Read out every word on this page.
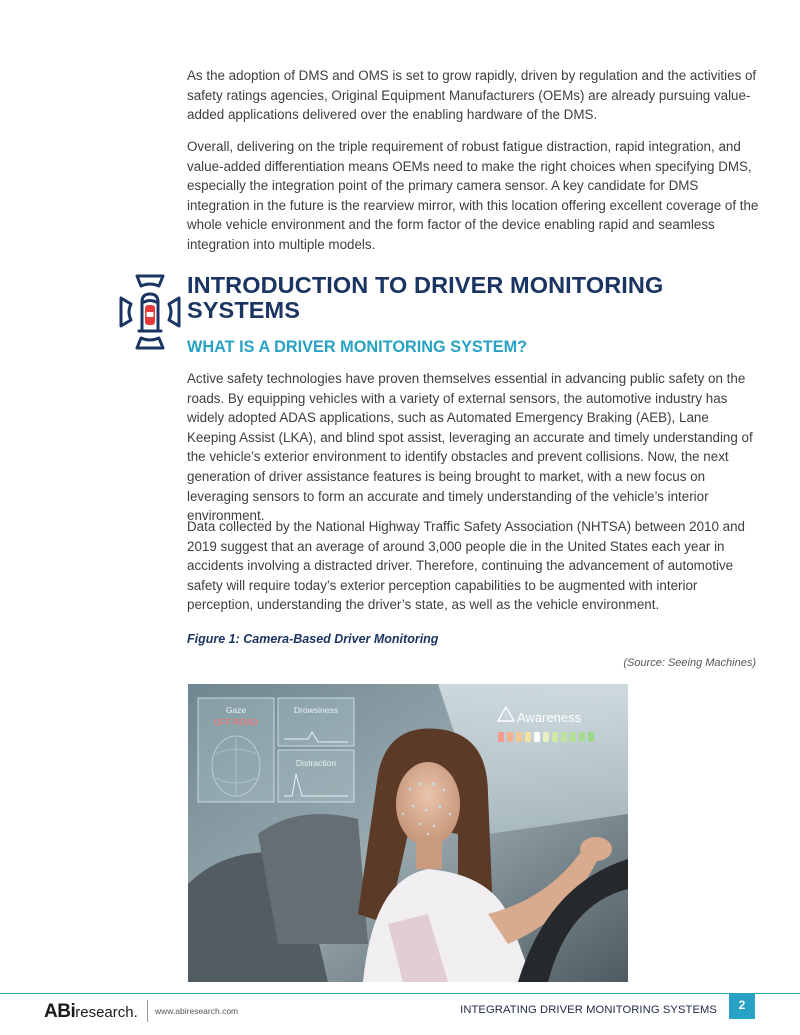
As the adoption of DMS and OMS is set to grow rapidly, driven by regulation and the activities of safety ratings agencies, Original Equipment Manufacturers (OEMs) are already pursuing value-added applications delivered over the enabling hardware of the DMS.

Overall, delivering on the triple requirement of robust fatigue distraction, rapid integration, and value-added differentiation means OEMs need to make the right choices when specifying DMS, especially the integration point of the primary camera sensor. A key candidate for DMS integration in the future is the rearview mirror, with this location offering excellent coverage of the whole vehicle environment and the form factor of the device enabling rapid and seamless integration into multiple models.

INTRODUCTION TO DRIVER MONITORING SYSTEMS
WHAT IS A DRIVER MONITORING SYSTEM?

Active safety technologies have proven themselves essential in advancing public safety on the roads. By equipping vehicles with a variety of external sensors, the automotive industry has widely adopted ADAS applications, such as Automated Emergency Braking (AEB), Lane Keeping Assist (LKA), and blind spot assist, leveraging an accurate and timely understanding of the vehicle’s exterior environment to identify obstacles and prevent collisions. Now, the next generation of driver assistance features is being brought to market, with a new focus on leveraging sensors to form an accurate and timely understanding of the vehicle’s interior environment.

Data collected by the National Highway Traffic Safety Association (NHTSA) between 2010 and 2019 suggest that an average of around 3,000 people die in the United States each year in accidents involving a distracted driver. Therefore, continuing the advancement of automotive safety will require today’s exterior perception capabilities to be augmented with interior perception, understanding the driver’s state, as well as the vehicle environment.

Figure 1: Camera-Based Driver Monitoring

(Source: Seeing Machines)

Gaze
OFF ROAD
Drowsiness
Distraction
! Awareness
ABiresearch. www.abiresearch.com	INTEGRATING DRIVER MONITORING SYSTEMS	2
